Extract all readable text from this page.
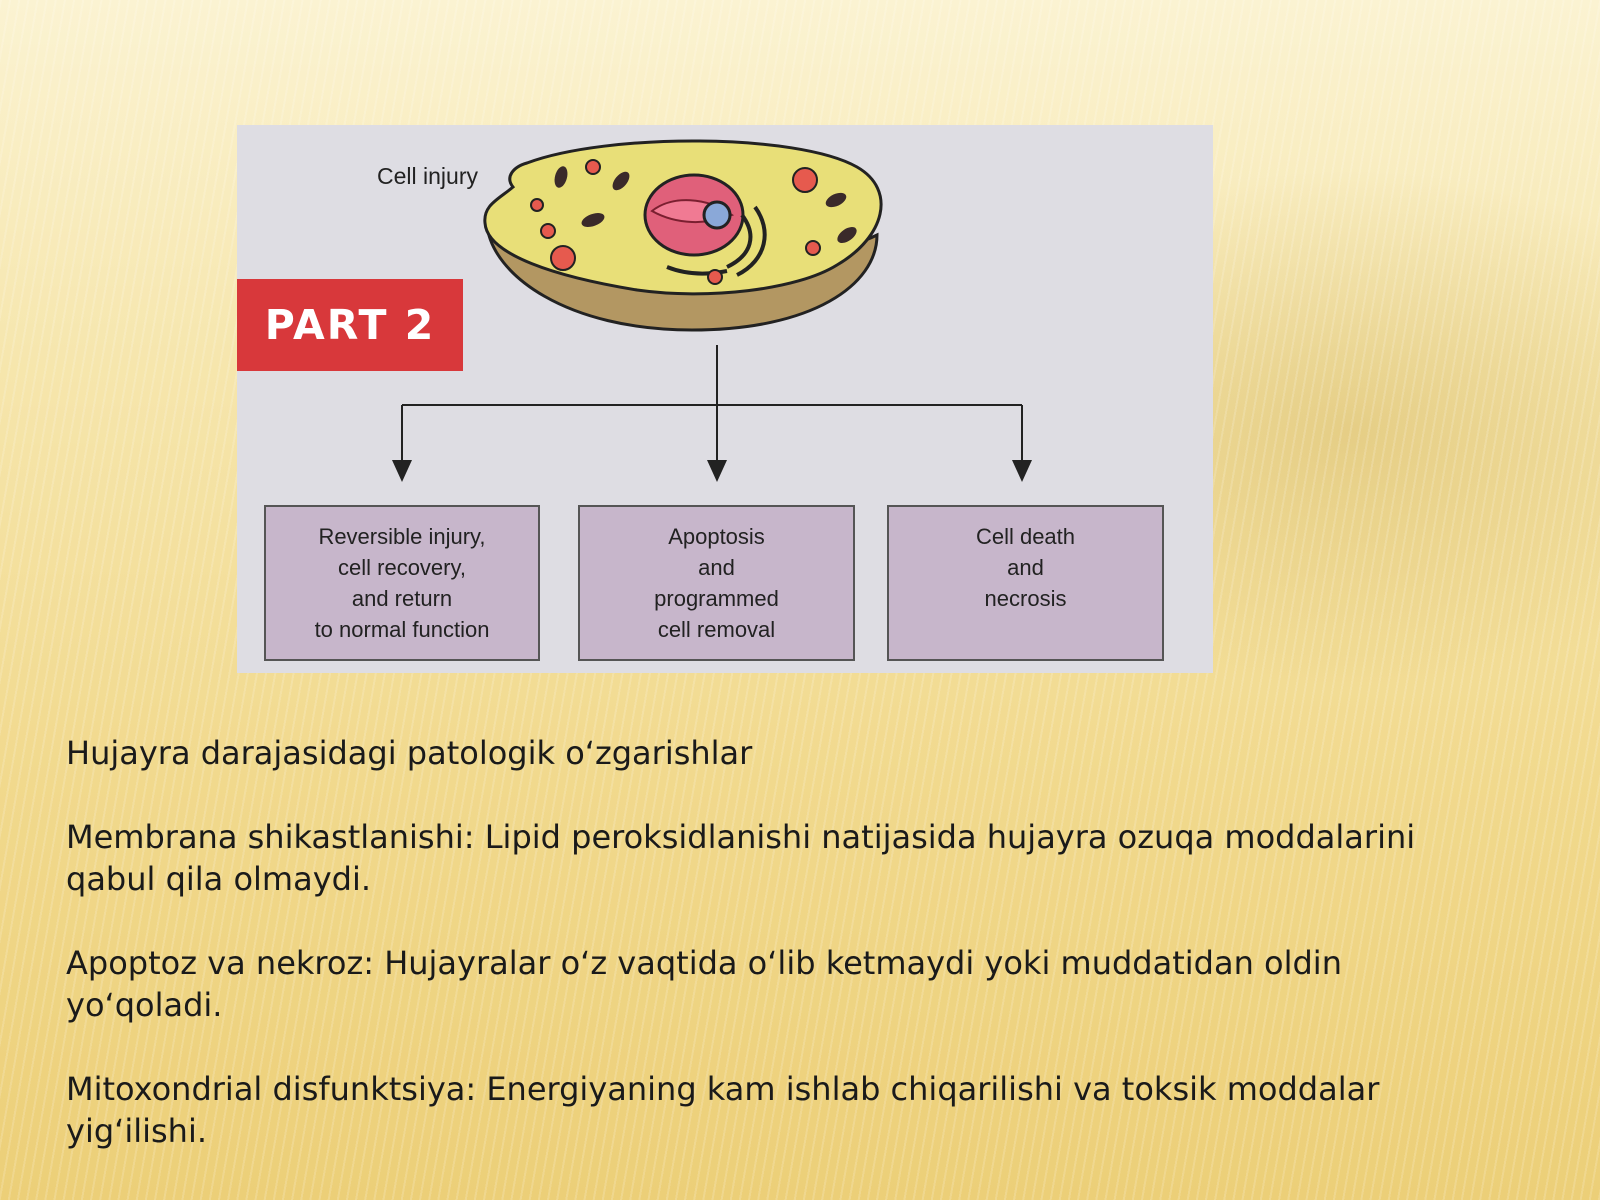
PART 2
Cell injury
Reversible injury,
cell recovery,
and return
to normal function
Apoptosis
and
programmed
cell removal
Cell death
and
necrosis

Hujayra darajasidagi patologik oʻzgarishlar

Membrana shikastlanishi: Lipid peroksidlanishi natijasida hujayra ozuqa moddalarini qabul qila olmaydi.

Apoptoz va nekroz: Hujayralar oʻz vaqtida oʻlib ketmaydi yoki muddatidan oldin yoʻqoladi.

Mitoxondrial disfunktsiya: Energiyaning kam ishlab chiqarilishi va toksik moddalar yigʻilishi.
